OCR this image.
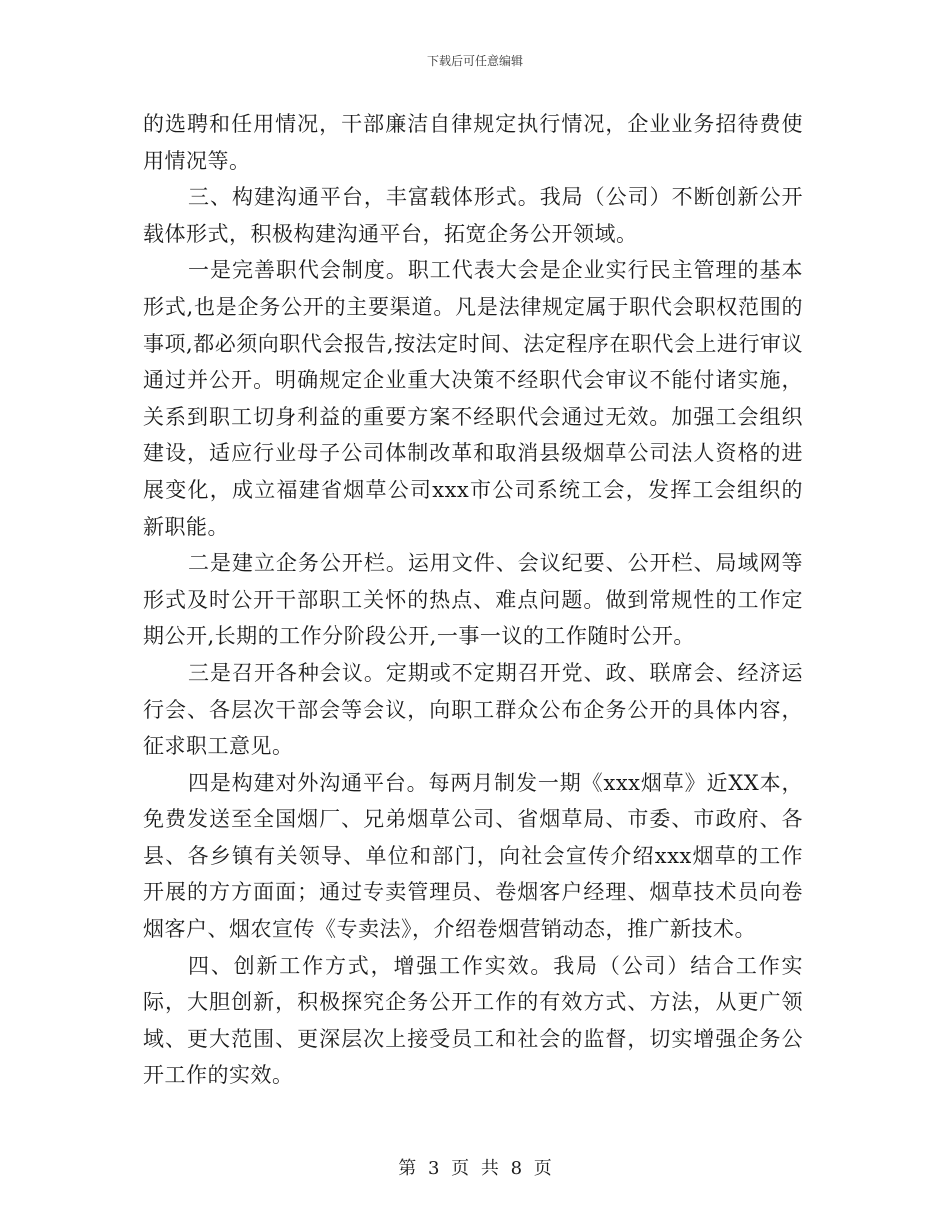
下载后可任意编辑

的选聘和任用情况，干部廉洁自律规定执行情况，企业业务招待费使用情况等。

三、构建沟通平台，丰富载体形式。我局（公司）不断创新公开载体形式，积极构建沟通平台，拓宽企务公开领域。

一是完善职代会制度。职工代表大会是企业实行民主管理的基本形式,也是企务公开的主要渠道。凡是法律规定属于职代会职权范围的事项,都必须向职代会报告,按法定时间、法定程序在职代会上进行审议通过并公开。明确规定企业重大决策不经职代会审议不能付诸实施，关系到职工切身利益的重要方案不经职代会通过无效。加强工会组织建设，适应行业母子公司体制改革和取消县级烟草公司法人资格的进展变化，成立福建省烟草公司xxx市公司系统工会，发挥工会组织的新职能。

二是建立企务公开栏。运用文件、会议纪要、公开栏、局域网等形式及时公开干部职工关怀的热点、难点问题。做到常规性的工作定期公开,长期的工作分阶段公开,一事一议的工作随时公开。

三是召开各种会议。定期或不定期召开党、政、联席会、经济运行会、各层次干部会等会议，向职工群众公布企务公开的具体内容，征求职工意见。

四是构建对外沟通平台。每两月制发一期《xxx烟草》近XX本，免费发送至全国烟厂、兄弟烟草公司、省烟草局、市委、市政府、各县、各乡镇有关领导、单位和部门，向社会宣传介绍xxx烟草的工作开展的方方面面；通过专卖管理员、卷烟客户经理、烟草技术员向卷烟客户、烟农宣传《专卖法》，介绍卷烟营销动态，推广新技术。

四、创新工作方式，增强工作实效。我局（公司）结合工作实际，大胆创新，积极探究企务公开工作的有效方式、方法，从更广领域、更大范围、更深层次上接受员工和社会的监督，切实增强企务公开工作的实效。

第 3 页 共 8 页
